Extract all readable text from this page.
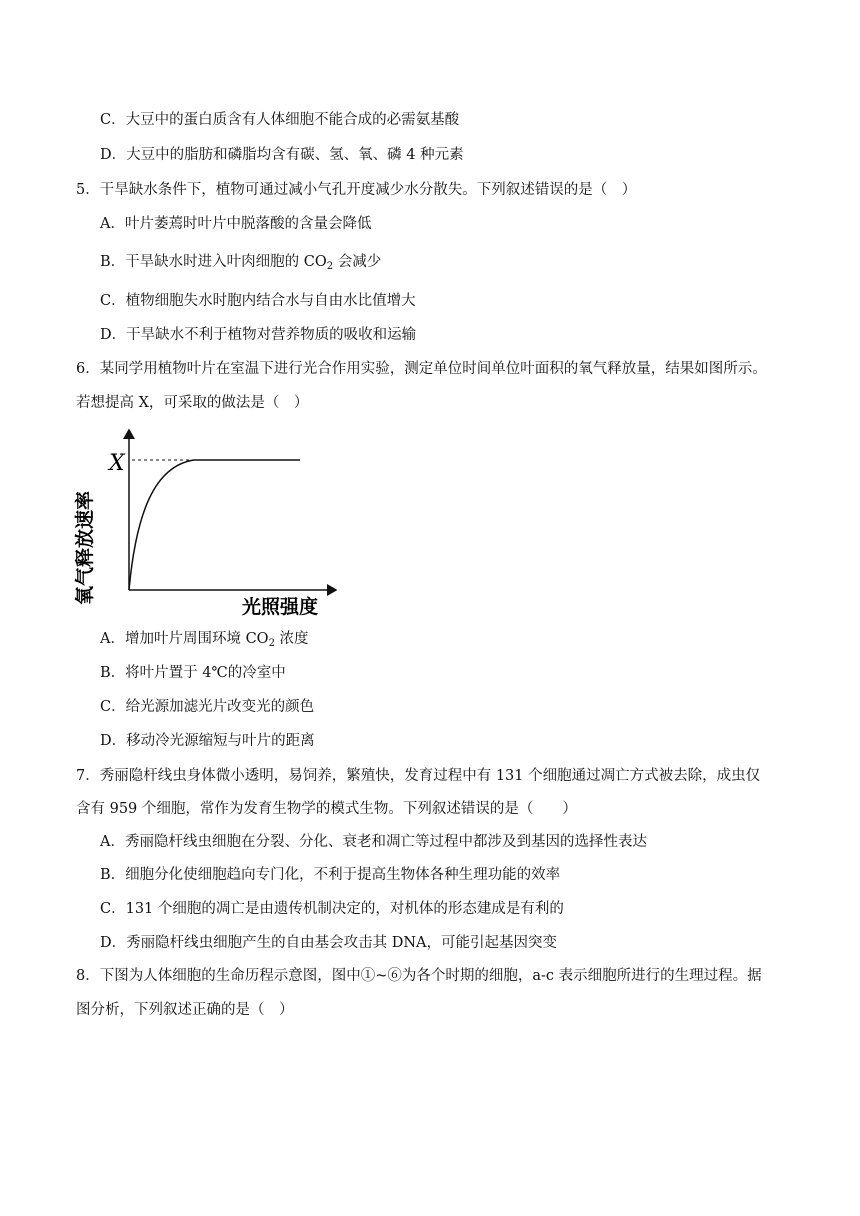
C．大豆中的蛋白质含有人体细胞不能合成的必需氨基酸
D．大豆中的脂肪和磷脂均含有碳、氢、氧、磷 4 种元素
5．干旱缺水条件下，植物可通过减小气孔开度减少水分散失。下列叙述错误的是（　）
A．叶片萎蔫时叶片中脱落酸的含量会降低
B．干旱缺水时进入叶肉细胞的 $CO_2$ 会减少
C．植物细胞失水时胞内结合水与自由水比值增大
D．干旱缺水不利于植物对营养物质的吸收和运输
6．某同学用植物叶片在室温下进行光合作用实验，测定单位时间单位叶面积的氧气释放量，结果如图所示。
若想提高 X，可采取的做法是（　）
X
氧气释放速率
光照强度
A．增加叶片周围环境 $CO_2$ 浓度
B．将叶片置于 4℃的冷室中
C．给光源加滤光片改变光的颜色
D．移动冷光源缩短与叶片的距离
7．秀丽隐杆线虫身体微小透明，易饲养，繁殖快，发育过程中有 131 个细胞通过凋亡方式被去除，成虫仅
含有 959 个细胞，常作为发育生物学的模式生物。下列叙述错误的是（　　）
A．秀丽隐杆线虫细胞在分裂、分化、衰老和凋亡等过程中都涉及到基因的选择性表达
B．细胞分化使细胞趋向专门化，不利于提高生物体各种生理功能的效率
C．131 个细胞的凋亡是由遗传机制决定的，对机体的形态建成是有利的
D．秀丽隐杆线虫细胞产生的自由基会攻击其 DNA，可能引起基因突变
8．下图为人体细胞的生命历程示意图，图中①~⑥为各个时期的细胞，a-c 表示细胞所进行的生理过程。据
图分析，下列叙述正确的是（　）
